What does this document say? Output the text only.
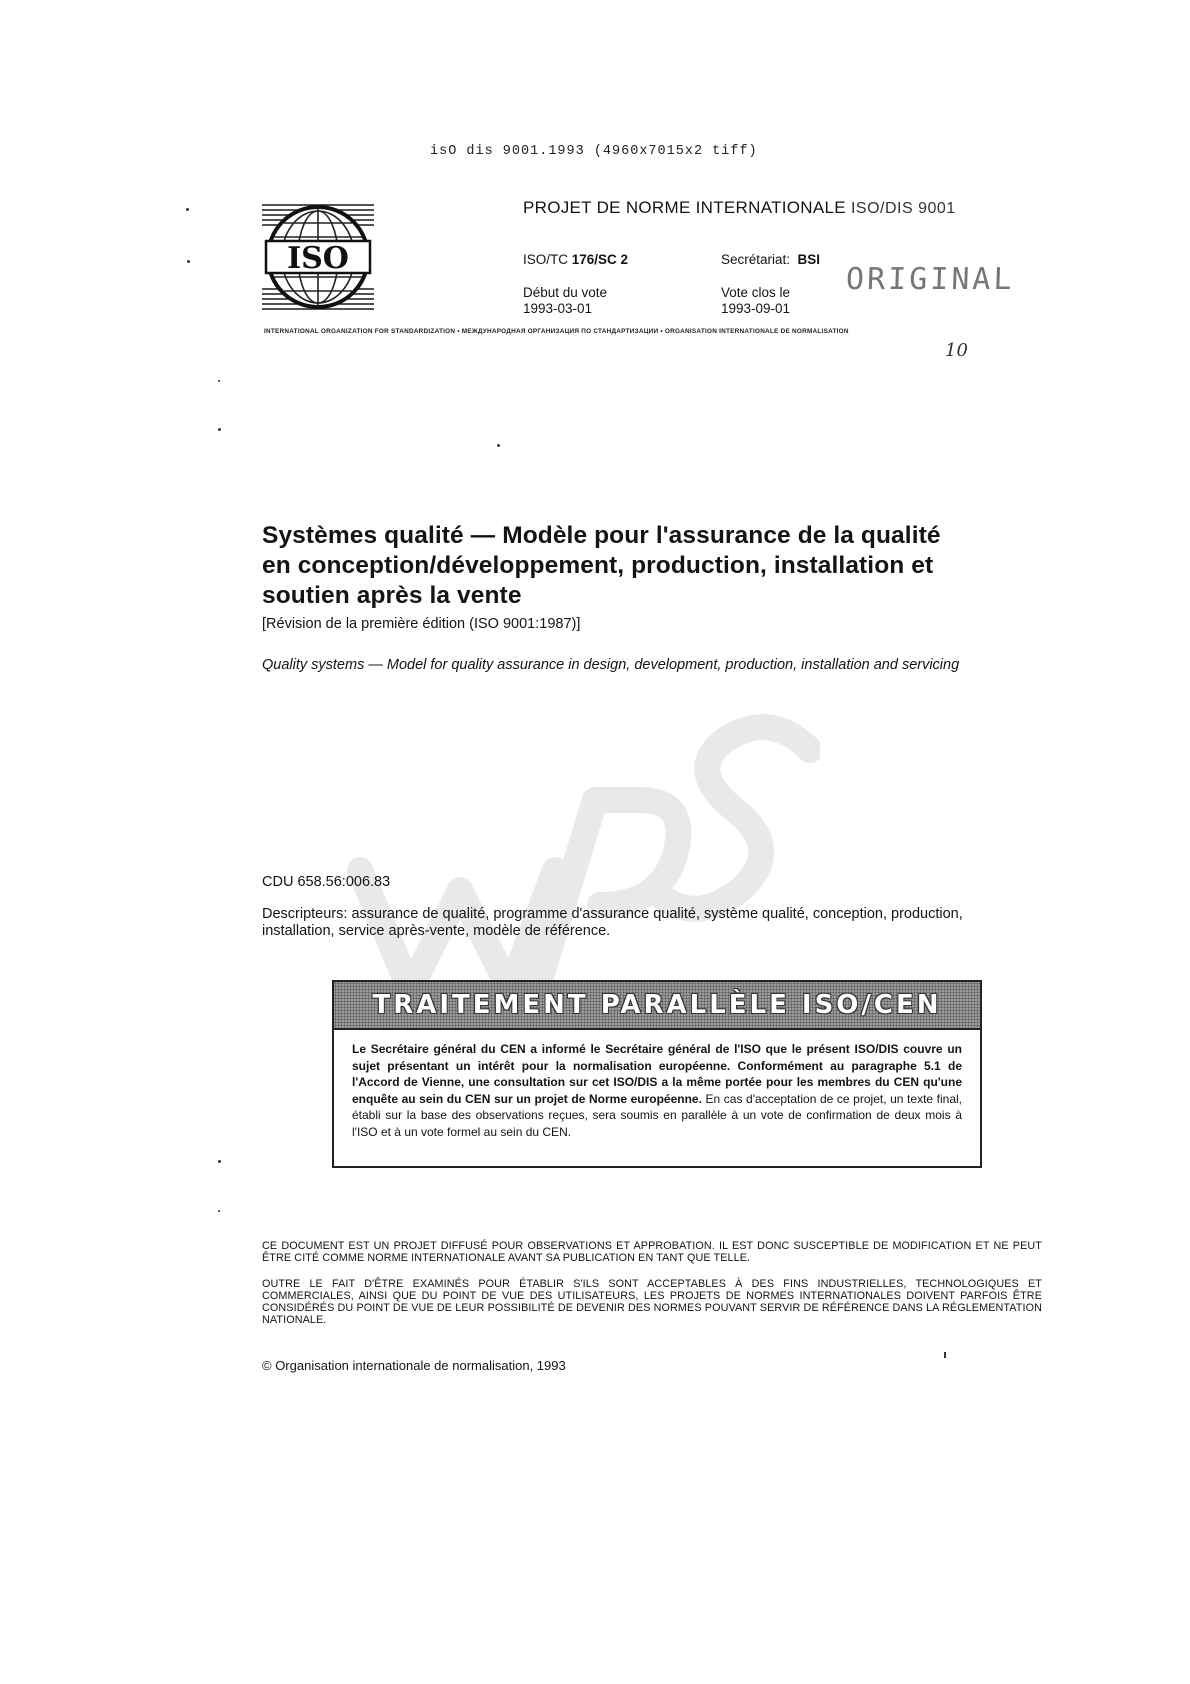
isO dis 9001.1993 (4960x7015x2 tiff)
ISO
PROJET DE NORME INTERNATIONALE ISO/DIS 9001
ISO/TC 176/SC 2	Secrétariat: BSI
Début du vote
1993-03-01
Vote clos le
1993-09-01
ORIGINAL
INTERNATIONAL ORGANIZATION FOR STANDARDIZATION • МЕЖДУНАРОДНАЯ ОРГАНИЗАЦИЯ ПО СТАНДАРТИЗАЦИИ • ORGANISATION INTERNATIONALE DE NORMALISATION
10
Systèmes qualité — Modèle pour l'assurance de la qualité
en conception/développement, production, installation et
soutien après la vente
[Révision de la première édition (ISO 9001:1987)]
Quality systems — Model for quality assurance in design, development, production, installation and servicing
CDU 658.56:006.83
Descripteurs: assurance de qualité, programme d'assurance qualité, système qualité, conception, production, installation, service après-vente, modèle de référence.
TRAITEMENT PARALLÈLE ISO/CEN
Le Secrétaire général du CEN a informé le Secrétaire général de l'ISO que le présent ISO/DIS couvre un sujet présentant un intérêt pour la normalisation européenne. Conformément au paragraphe 5.1 de l'Accord de Vienne, une consultation sur cet ISO/DIS a la même portée pour les membres du CEN qu'une enquête au sein du CEN sur un projet de Norme européenne. En cas d'acceptation de ce projet, un texte final, établi sur la base des observations reçues, sera soumis en parallèle à un vote de confirmation de deux mois à l'ISO et à un vote formel au sein du CEN.
CE DOCUMENT EST UN PROJET DIFFUSÉ POUR OBSERVATIONS ET APPROBATION. IL EST DONC SUSCEPTIBLE DE MODIFICATION ET NE PEUT ÊTRE CITÉ COMME NORME INTERNATIONALE AVANT SA PUBLICATION EN TANT QUE TELLE.
OUTRE LE FAIT D'ÊTRE EXAMINÉS POUR ÉTABLIR S'ILS SONT ACCEPTABLES À DES FINS INDUSTRIELLES, TECHNOLOGIQUES ET COMMERCIALES, AINSI QUE DU POINT DE VUE DES UTILISATEURS, LES PROJETS DE NORMES INTERNATIONALES DOIVENT PARFOIS ÊTRE CONSIDÉRÉS DU POINT DE VUE DE LEUR POSSIBILITÉ DE DEVENIR DES NORMES POUVANT SERVIR DE RÉFÉRENCE DANS LA RÉGLEMENTATION NATIONALE.
© Organisation internationale de normalisation, 1993
